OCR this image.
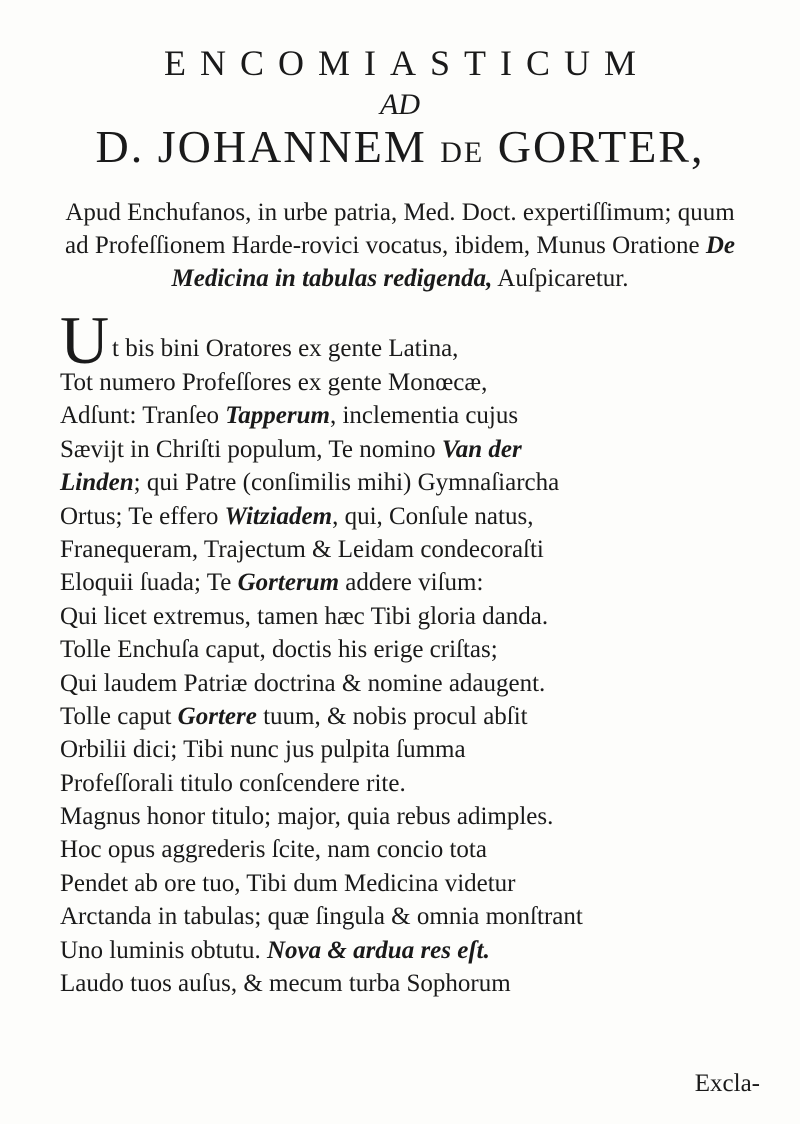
ENCOMIASTICUM
AD
D. JOHANNEM DE GORTER,
Apud Enchufanos, in urbe patria, Med. Doct. expertiſſimum; quum ad Profeſſionem Harde-rovici vocatus, ibidem, Munus Oratione De Medicina in tabulas redigenda, Auſpicaretur.
U t bis bini Oratores ex gente Latina,
Tot numero Profeſſores ex gente Monœcæ,
Adſunt: Tranſeo Tapperum, inclementia cujus
Sævijt in Chriſti populum, Te nomino Van der
Linden; qui Patre (conſimilis mihi) Gymnaſiarcha
Ortus; Te effero Witziadem, qui, Conſule natus,
Franequeram, Trajectum & Leidam condecoraſti
Eloquii ſuada; Te Gorterum addere viſum:
Qui licet extremus, tamen hæc Tibi gloria danda.
Tolle Enchuſa caput, doctis his erige criſtas;
Qui laudem Patriæ doctrina & nomine adaugent.
Tolle caput Gortere tuum, & nobis procul abſit
Orbilii dici; Tibi nunc jus pulpita ſumma
Profeſſorali titulo conſcendere rite.
Magnus honor titulo; major, quia rebus adimples.
Hoc opus aggrederis ſcite, nam concio tota
Pendet ab ore tuo, Tibi dum Medicina videtur
Arctanda in tabulas; quæ ſingula & omnia monſtrant
Uno luminis obtutu. Nova & ardua res eſt.
Laudo tuos auſus, & mecum turba Sophorum
Excla-
